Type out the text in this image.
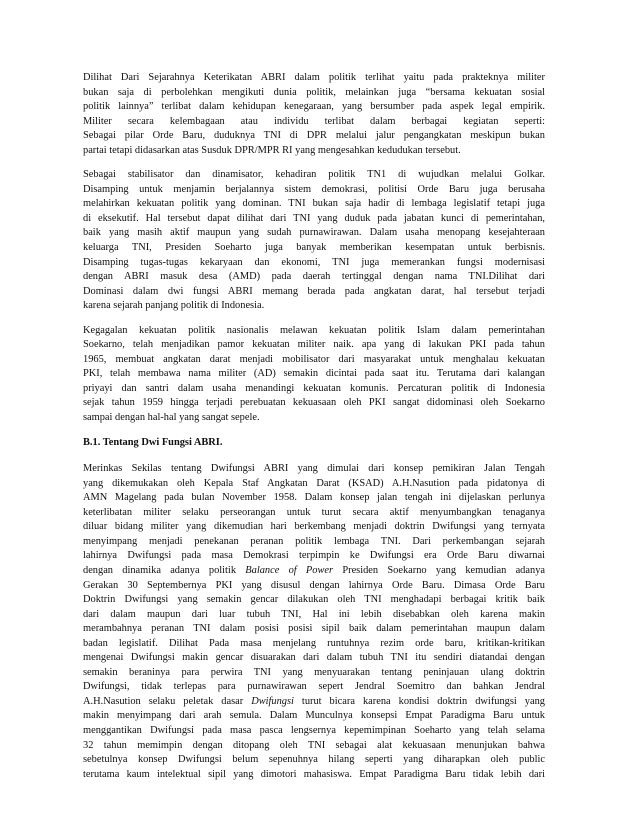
Dilihat Dari Sejarahnya Keterikatan ABRI dalam politik terlihat yaitu pada prakteknya militer
bukan saja di perbolehkan mengikuti dunia politik, melainkan juga “bersama kekuatan sosial
politik lainnya” terlibat dalam kehidupan kenegaraan, yang bersumber pada aspek legal empirik.
Militer secara kelembagaan atau individu terlibat dalam berbagai kegiatan seperti:
Sebagai pilar Orde Baru, duduknya TNI di DPR melalui jalur pengangkatan meskipun bukan
partai tetapi didasarkan atas Susduk DPR/MPR RI yang mengesahkan kedudukan tersebut.
Sebagai stabilisator dan dinamisator, kehadiran politik TN1 di wujudkan melalui Golkar.
Disamping untuk menjamin berjalannya sistem demokrasi, politisi Orde Baru juga berusaha
melahirkan kekuatan politik yang dominan. TNI bukan saja hadir di lembaga legislatif tetapi juga
di eksekutif. Hal tersebut dapat dilihat dari TNI yang duduk pada jabatan kunci di pemerintahan,
baik yang masih aktif maupun yang sudah purnawirawan. Dalam usaha menopang kesejahteraan
keluarga TNI, Presiden Soeharto juga banyak memberikan kesempatan untuk berbisnis.
Disamping tugas-tugas kekaryaan dan ekonomi, TNI juga memerankan fungsi modernisasi
dengan ABRI masuk desa (AMD) pada daerah tertinggal dengan nama TNI.Dilihat dari
Dominasi dalam dwi fungsi ABRI memang berada pada angkatan darat, hal tersebut terjadi
karena sejarah panjang politik di Indonesia.
Kegagalan kekuatan politik nasionalis melawan kekuatan politik Islam dalam pemerintahan
Soekarno, telah menjadikan pamor kekuatan militer naik. apa yang di lakukan PKI pada tahun
1965, membuat angkatan darat menjadi mobilisator dari masyarakat untuk menghalau kekuatan
PKI, telah membawa nama militer (AD) semakin dicintai pada saat itu. Terutama dari kalangan
priyayi dan santri dalam usaha menandingi kekuatan komunis. Percaturan politik di Indonesia
sejak tahun 1959 hingga terjadi perebuatan kekuasaan oleh PKI sangat didominasi oleh Soekarno
sampai dengan hal-hal yang sangat sepele.
B.1. Tentang Dwi Fungsi ABRI.
Merinkas Sekilas tentang Dwifungsi ABRI yang dimulai dari konsep pemikiran Jalan Tengah
yang dikemukakan oleh Kepala Staf Angkatan Darat (KSAD) A.H.Nasution pada pidatonya di
AMN Magelang pada bulan November 1958. Dalam konsep jalan tengah ini dijelaskan perlunya
keterlibatan militer selaku perseorangan untuk turut secara aktif menyumbangkan tenaganya
diluar bidang militer yang dikemudian hari berkembang menjadi doktrin Dwifungsi yang ternyata
menyimpang menjadi penekanan peranan politik lembaga TNI. Dari perkembangan sejarah
lahirnya Dwifungsi pada masa Demokrasi terpimpin ke Dwifungsi era Orde Baru diwarnai
dengan dinamika adanya politik Balance of Power Presiden Soekarno yang kemudian adanya
Gerakan 30 Septembernya PKI yang disusul dengan lahirnya Orde Baru. Dimasa Orde Baru
Doktrin Dwifungsi yang semakin gencar dilakukan oleh TNI menghadapi berbagai kritik baik
dari dalam maupun dari luar tubuh TNI, Hal ini lebih disebabkan oleh karena makin
merambahnya peranan TNI dalam posisi posisi sipil baik dalam pemerintahan maupun dalam
badan legislatif. Dilihat Pada masa menjelang runtuhnya rezim orde baru, kritikan-kritikan
mengenai Dwifungsi makin gencar disuarakan dari dalam tubuh TNI itu sendiri diatandai dengan
semakin beraninya para perwira TNI yang menyuarakan tentang peninjauan ulang doktrin
Dwifungsi, tidak terlepas para purnawirawan sepert Jendral Soemitro dan bahkan Jendral
A.H.Nasution selaku peletak dasar Dwifungsi turut bicara karena kondisi doktrin dwifungsi yang
makin menyimpang dari arah semula. Dalam Munculnya konsepsi Empat Paradigma Baru untuk
menggantikan Dwifungsi pada masa pasca lengsernya kepemimpinan Soeharto yang telah selama
32 tahun memimpin dengan ditopang oleh TNI sebagai alat kekuasaan menunjukan bahwa
sebetulnya konsep Dwifungsi belum sepenuhnya hilang seperti yang diharapkan oleh public
terutama kaum intelektual sipil yang dimotori mahasiswa. Empat Paradigma Baru tidak lebih dari
